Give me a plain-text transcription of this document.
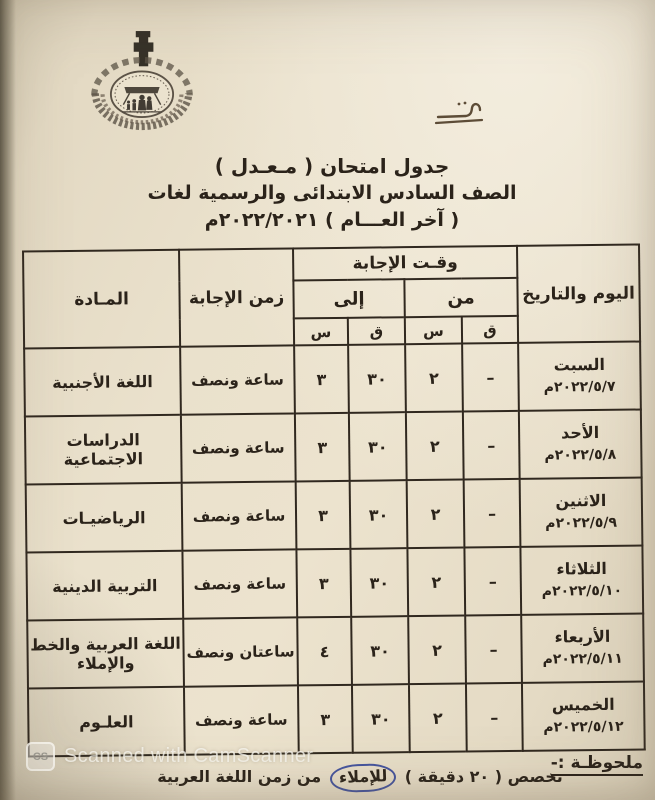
جدول امتحان ( مـعـدل )
الصف السادس الابتدائى والرسمية لغات
( آخر العـــام ) ٢٠٢٢/٢٠٢١م
اليوم والتاريخ	وقـت الإجابة				زمن الإجابة	المـادة
	من		إلى			
	ق	س	ق	س		

السبت
٢٠٢٢/٥/٧م	–	٢	٣٠	٣	ساعة ونصف	اللغة الأجنبية

الأحد
٢٠٢٢/٥/٨م	–	٢	٣٠	٣	ساعة ونصف	الدراسات الاجتماعية

الاثنين
٢٠٢٢/٥/٩م	–	٢	٣٠	٣	ساعة ونصف	الرياضيـات

الثلاثاء
٢٠٢٢/٥/١٠م	–	٢	٣٠	٣	ساعة ونصف	التربية الدينية

الأربعاء
٢٠٢٢/٥/١١م	–	٢	٣٠	٤	ساعتان ونصف	اللغة العربية والخط والإملاء

الخميس
٢٠٢٢/٥/١٢م	–	٢	٣٠	٣	ساعة ونصف	العلـوم
ملحوظـة :-
تخصص ( ٢٠ دقيقة ) للإملاء من زمن اللغة العربية
CS Scanned with CamScanner
